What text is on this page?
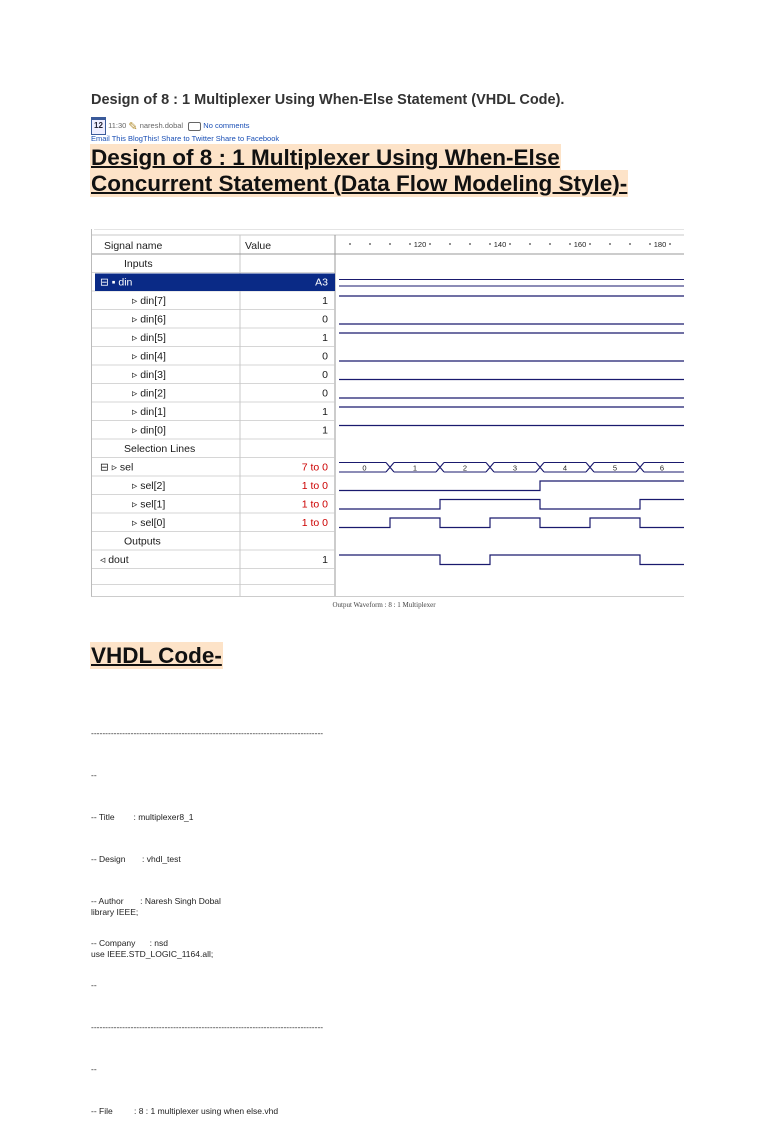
Design of 8 : 1 Multiplexer Using When-Else Statement (VHDL Code).
12 11:30 ✎ naresh.dobal	No comments
Email This BlogThis! Share to Twitter Share to Facebook
Design of 8 : 1 Multiplexer Using When-Else
Concurrent Statement (Data Flow Modeling Style)-
Signal name	Value
Inputs
⊟ ▪ din	A3
▹ din[7]	1
▹ din[6]	0
▹ din[5]	1
▹ din[4]	0
▹ din[3]	0
▹ din[2]	0
▹ din[1]	1
▹ din[0]	1
Selection Lines
⊟ ▹ sel	7 to 0
▹ sel[2]	1 to 0
▹ sel[1]	1 to 0
▹ sel[0]	1 to 0
Outputs
◃ dout	1
120	140	160	180
0	1	2	3	4	5	6
Output Waveform : 8 : 1 Multiplexer
VHDL Code-

----------------------------------------------------------------------------------

--

-- Title        : multiplexer8_1

-- Design       : vhdl_test

-- Author       : Naresh Singh Dobal

-- Company      : nsd

--

----------------------------------------------------------------------------------

--

-- File         : 8 : 1 multiplexer using when else.vhd

library IEEE;

use IEEE.STD_LOGIC_1164.all;
